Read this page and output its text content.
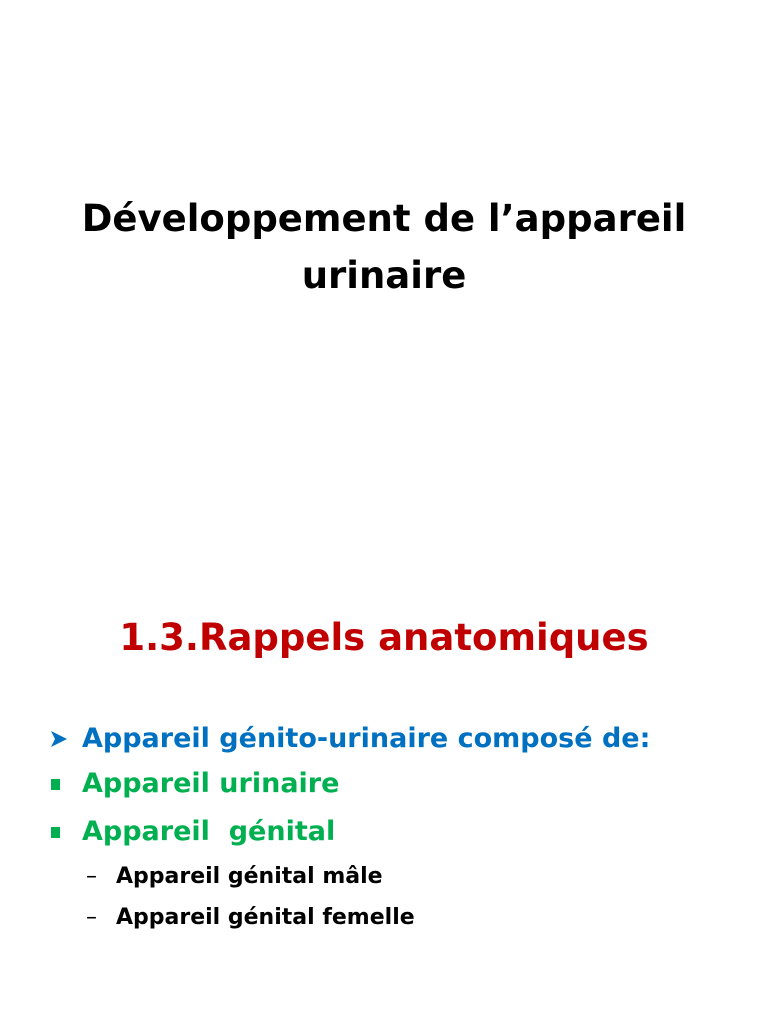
Développement de l’appareil urinaire
1.3.Rappels anatomiques
Appareil génito-urinaire composé de:
Appareil urinaire
Appareil  génital
– Appareil génital mâle
– Appareil génital femelle
